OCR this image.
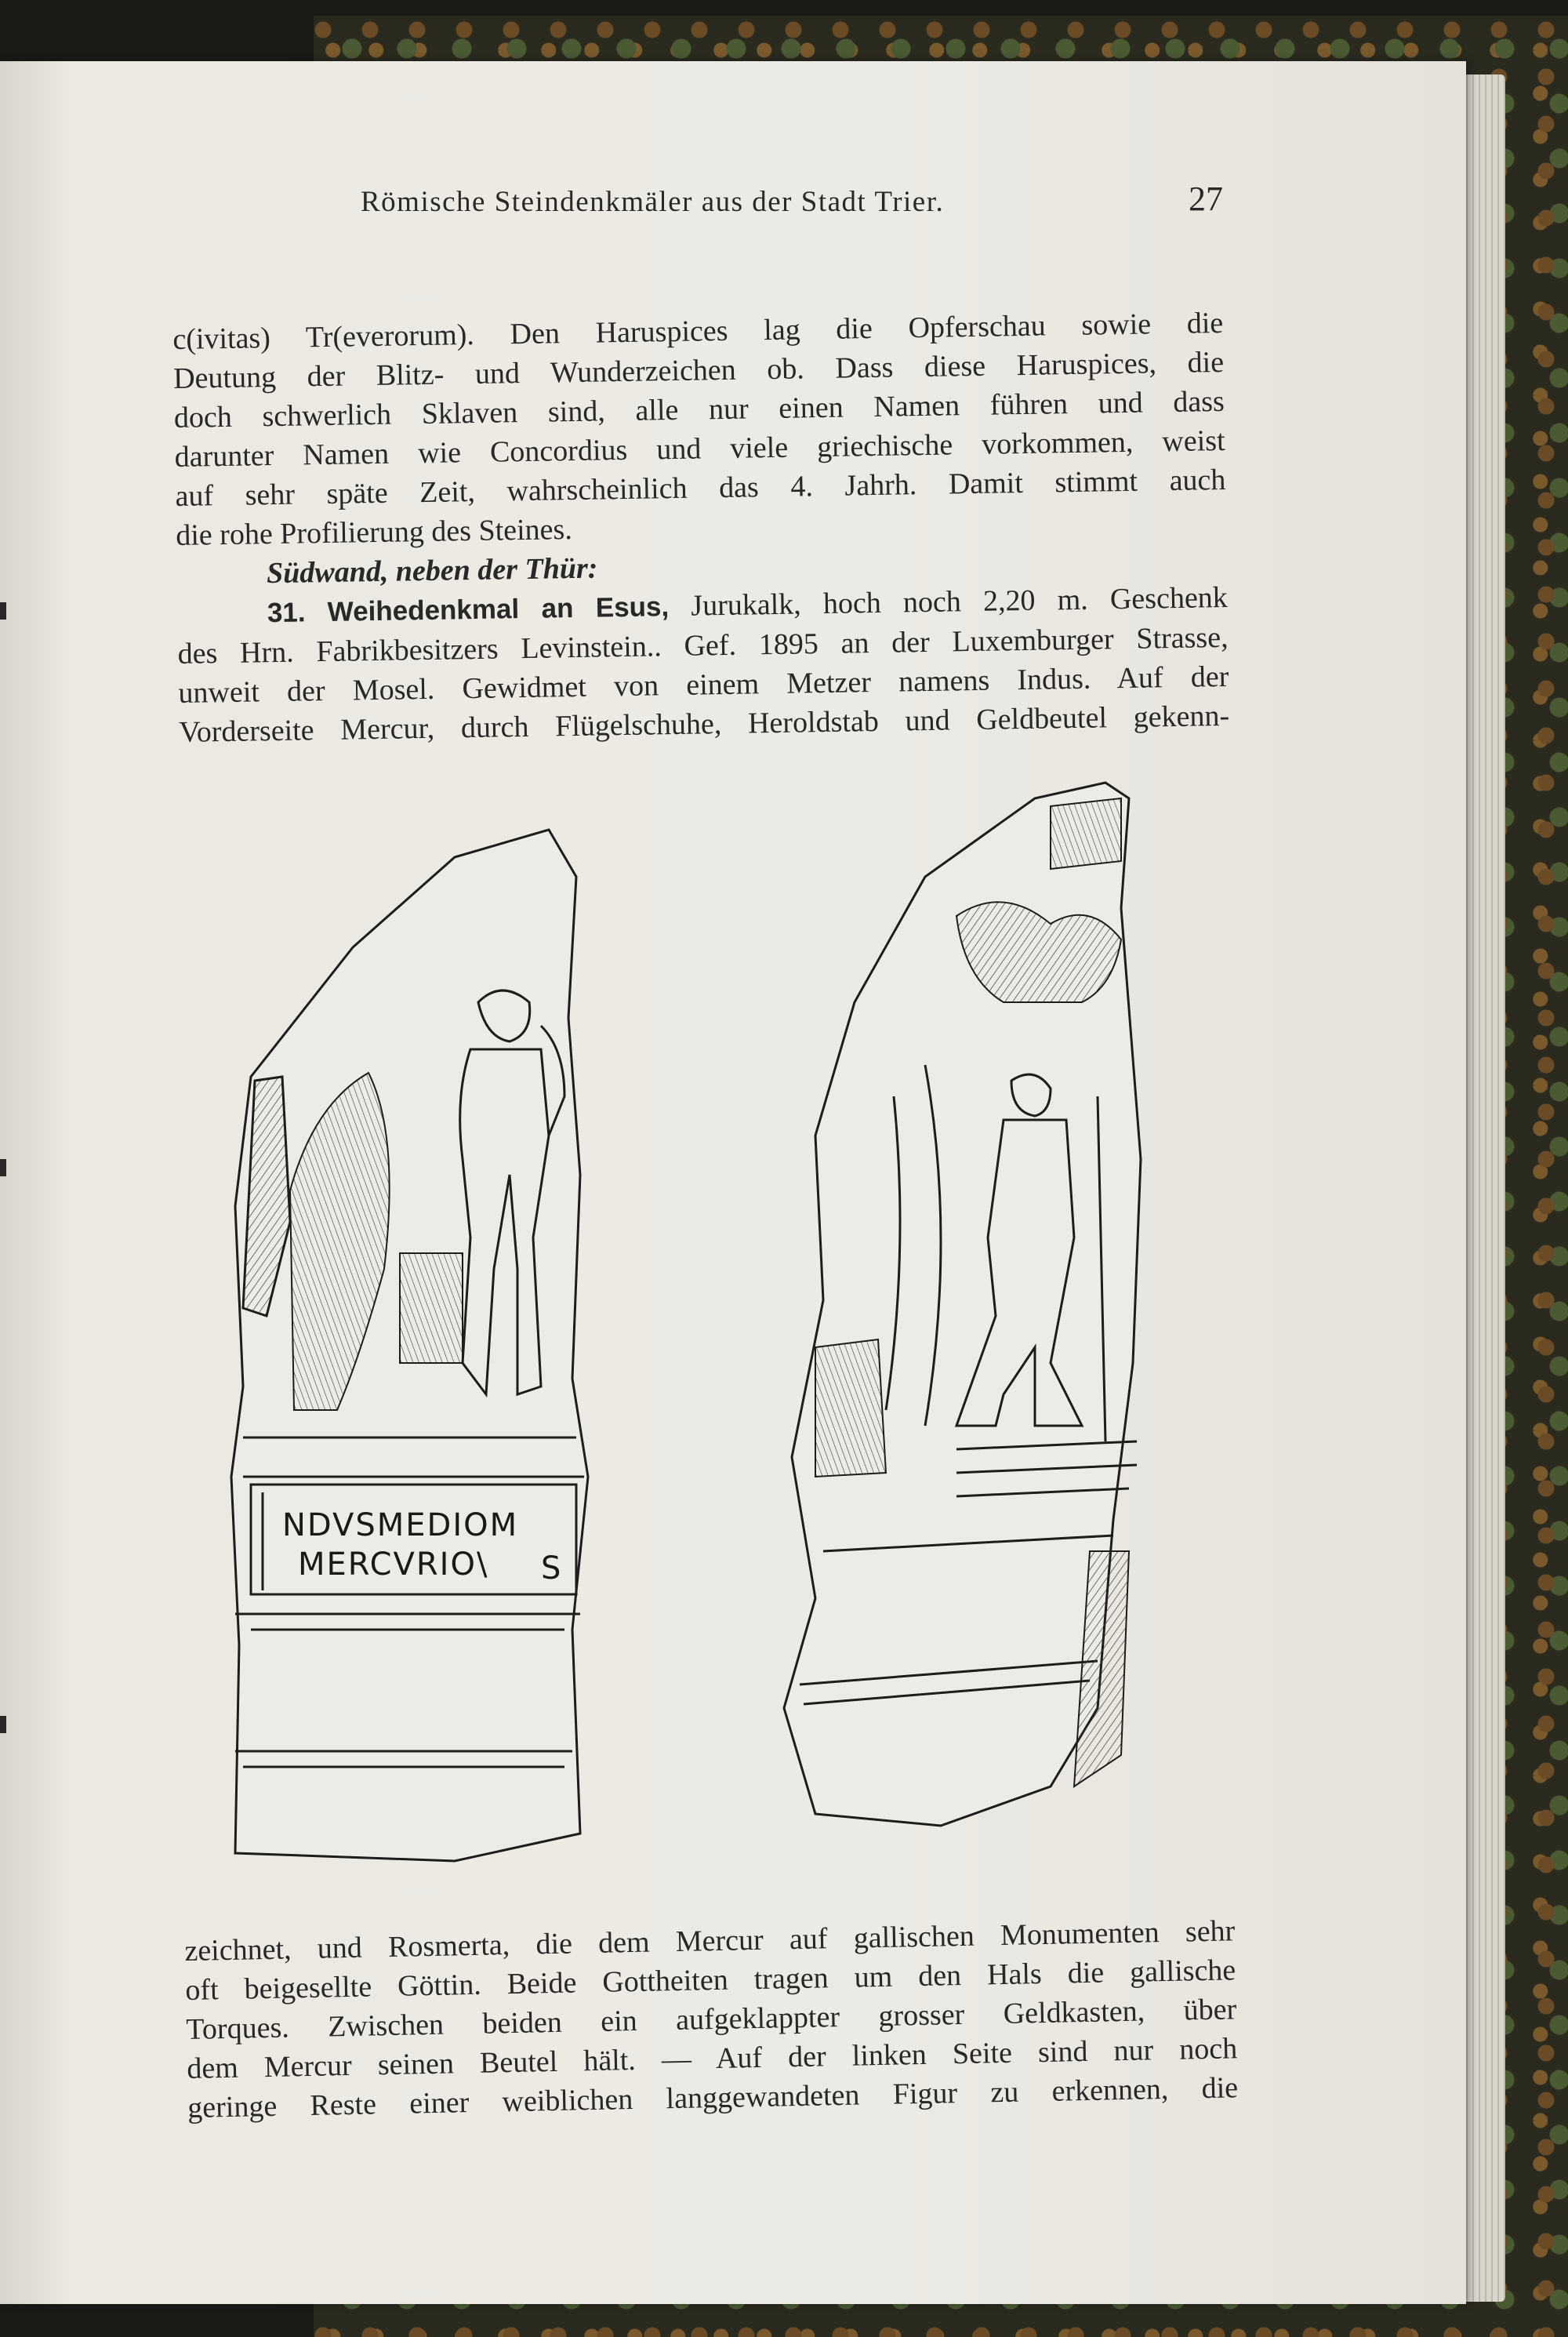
Römische Steindenkmäler aus der Stadt Trier.	27
c(ivitas) Tr(everorum). Den Haruspices lag die Opferschau sowie die
Deutung der Blitz- und Wunderzeichen ob. Dass diese Haruspices, die
doch schwerlich Sklaven sind, alle nur einen Namen führen und dass
darunter Namen wie Concordius und viele griechische vorkommen, weist
auf sehr späte Zeit, wahrscheinlich das 4. Jahrh. Damit stimmt auch
die rohe Profilierung des Steines.
Südwand, neben der Thür:
31. Weihedenkmal an Esus, Jurukalk, hoch noch 2,20 m. Geschenk
des Hrn. Fabrikbesitzers Levinstein.. Gef. 1895 an der Luxemburger Strasse,
unweit der Mosel. Gewidmet von einem Metzer namens Indus. Auf der
Vorderseite Mercur, durch Flügelschuhe, Heroldstab und Geldbeutel gekenn-
NDVSMEDIOM
MERCVRIO\ S
zeichnet, und Rosmerta, die dem Mercur auf gallischen Monumenten sehr
oft beigesellte Göttin. Beide Gottheiten tragen um den Hals die gallische
Torques. Zwischen beiden ein aufgeklappter grosser Geldkasten, über
dem Mercur seinen Beutel hält. — Auf der linken Seite sind nur noch
geringe Reste einer weiblichen langgewandeten Figur zu erkennen, die
